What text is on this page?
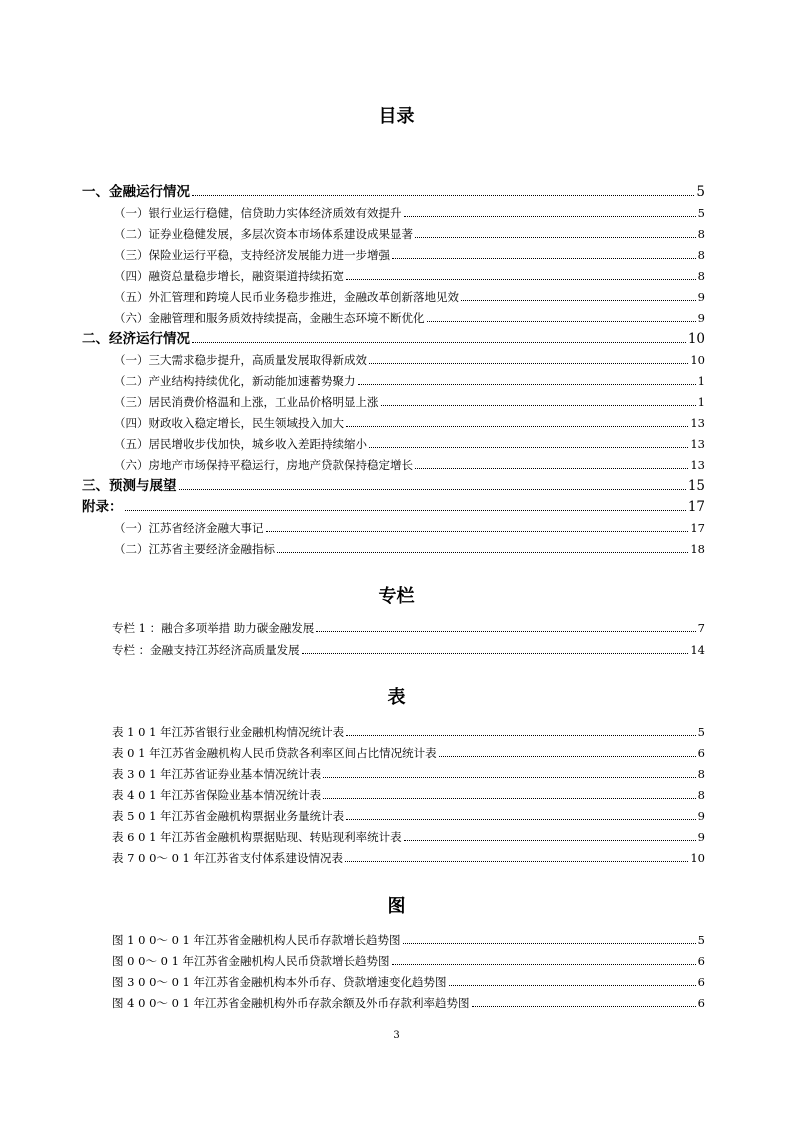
目录
一、金融运行情况	5
（一）银行业运行稳健，信贷助力实体经济质效有效提升	5
（二）证券业稳健发展，多层次资本市场体系建设成果显著	8
（三）保险业运行平稳，支持经济发展能力进一步增强	8
（四）融资总量稳步增长，融资渠道持续拓宽	8
（五）外汇管理和跨境人民币业务稳步推进，金融改革创新落地见效	9
（六）金融管理和服务质效持续提高，金融生态环境不断优化	9
二、经济运行情况	10
（一）三大需求稳步提升，高质量发展取得新成效	10
（二）产业结构持续优化，新动能加速蓄势聚力	1
（三）居民消费价格温和上涨，工业品价格明显上涨	1
（四）财政收入稳定增长，民生领域投入加大	13
（五）居民增收步伐加快，城乡收入差距持续缩小	13
（六）房地产市场保持平稳运行，房地产贷款保持稳定增长	13
三、预测与展望	15
附录：	17
（一）江苏省经济金融大事记	17
（二）江苏省主要经济金融指标	18
专栏
专栏 1 ：融合多项举措 助力碳金融发展	7
专栏 ：金融支持江苏经济高质量发展	14
表
表 1 0 1 年江苏省银行业金融机构情况统计表	5
表 0 1 年江苏省金融机构人民币贷款各利率区间占比情况统计表	6
表 3 0 1 年江苏省证券业基本情况统计表	8
表 4 0 1 年江苏省保险业基本情况统计表	8
表 5 0 1 年江苏省金融机构票据业务量统计表	9
表 6 0 1 年江苏省金融机构票据贴现、转贴现利率统计表	9
表 7 0 0～ 0 1 年江苏省支付体系建设情况表	10
图
图 1 0 0～ 0 1 年江苏省金融机构人民币存款增长趋势图	5
图 0 0～ 0 1 年江苏省金融机构人民币贷款增长趋势图	6
图 3 0 0～ 0 1 年江苏省金融机构本外币存、贷款增速变化趋势图	6
图 4 0 0～ 0 1 年江苏省金融机构外币存款余额及外币存款利率趋势图	6
3
